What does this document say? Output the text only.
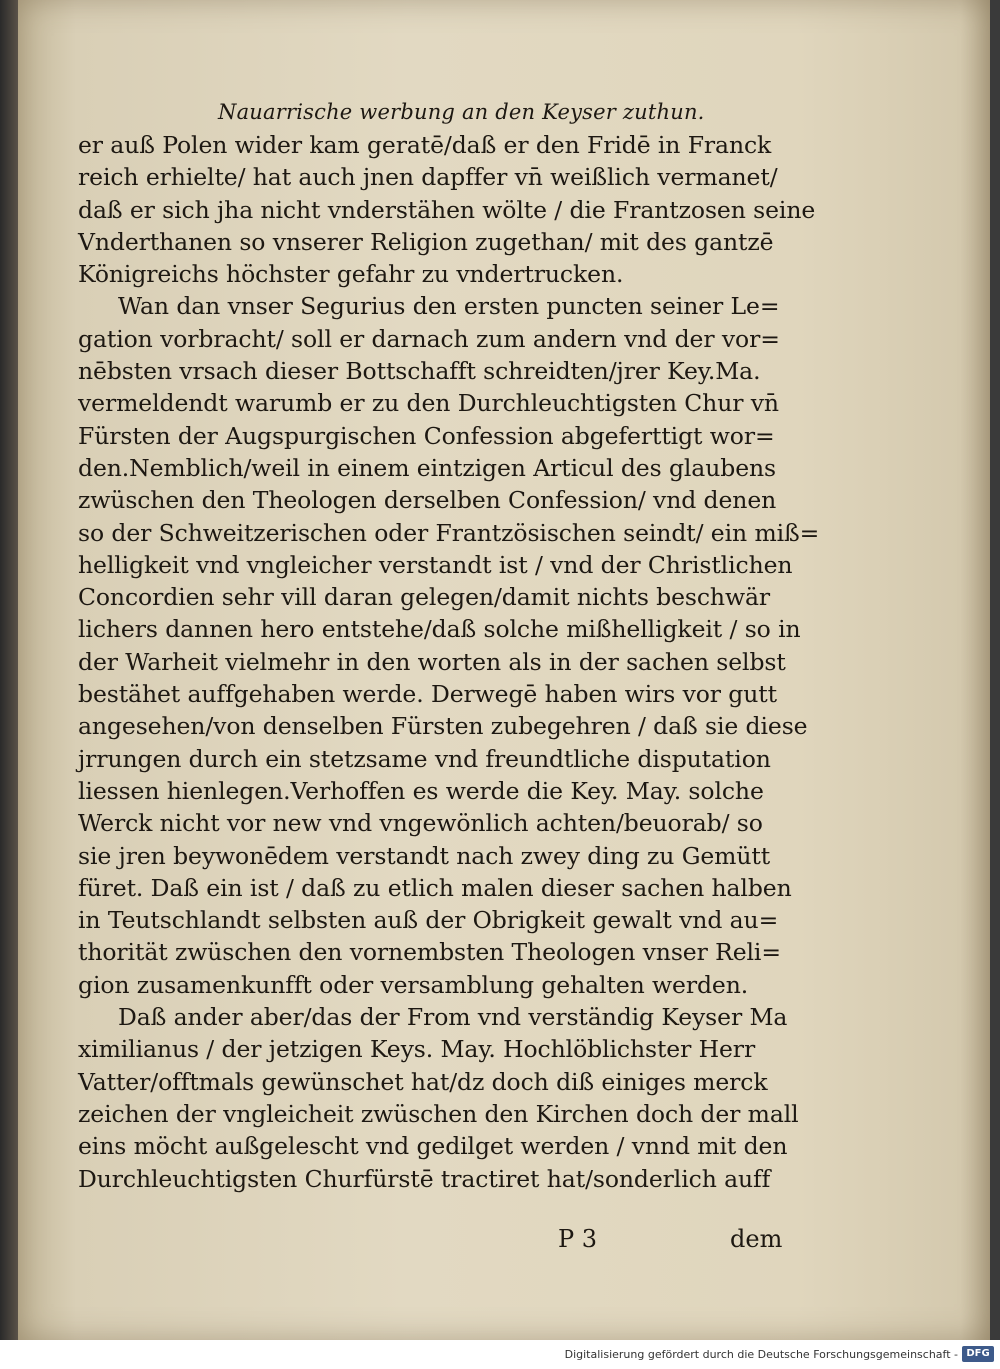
Nauarrische werbung an den Keyser zuthun.
er auß Polen wider kam geratē/daß er den Fridē in Franck
reich erhielte/ hat auch jnen dapffer vn̄ weißlich vermanet/
daß er sich jha nicht vnderstähen wölte / die Frantzosen seine
Vnderthanen so vnserer Religion zugethan/ mit des gantzē
Königreichs höchster gefahr zu vndertrucken.
Wan dan vnser Segurius den ersten puncten seiner Le=
gation vorbracht/ soll er darnach zum andern vnd der vor=
nēbsten vrsach dieser Bottschafft schreidten/jrer Key.Ma.
vermeldendt warumb er zu den Durchleuchtigsten Chur vn̄
Fürsten der Augspurgischen Confession abgeferttigt wor=
den.Nemblich/weil in einem eintzigen Articul des glaubens
zwüschen den Theologen derselben Confession/ vnd denen
so der Schweitzerischen oder Frantzösischen seindt/ ein miß=
helligkeit vnd vngleicher verstandt ist / vnd der Christlichen
Concordien sehr vill daran gelegen/damit nichts beschwär
lichers dannen hero entstehe/daß solche mißhelligkeit / so in
der Warheit vielmehr in den worten als in der sachen selbst
bestähet auffgehaben werde. Derwegē haben wirs vor gutt
angesehen/von denselben Fürsten zubegehren / daß sie diese
jrrungen durch ein stetzsame vnd freundtliche disputation
liessen hienlegen.Verhoffen es werde die Key. May. solche
Werck nicht vor new vnd vngewönlich achten/beuorab/ so
sie jren beywonēdem verstandt nach zwey ding zu Gemütt
füret. Daß ein ist / daß zu etlich malen dieser sachen halben
in Teutschlandt selbsten auß der Obrigkeit gewalt vnd au=
thorität zwüschen den vornembsten Theologen vnser Reli=
gion zusamenkunfft oder versamblung gehalten werden.
Daß ander aber/das der From vnd verständig Keyser Ma
ximilianus / der jetzigen Keys. May. Hochlöblichster Herr
Vatter/offtmals gewünschet hat/dz doch diß einiges merck
zeichen der vngleicheit zwüschen den Kirchen doch der mall
eins möcht außgelescht vnd gedilget werden / vnnd mit den
Durchleuchtigsten Churfürstē tractiret hat/sonderlich auff
P 3	dem
Digitalisierung gefördert durch die Deutsche Forschungsgemeinschaft - DFG
